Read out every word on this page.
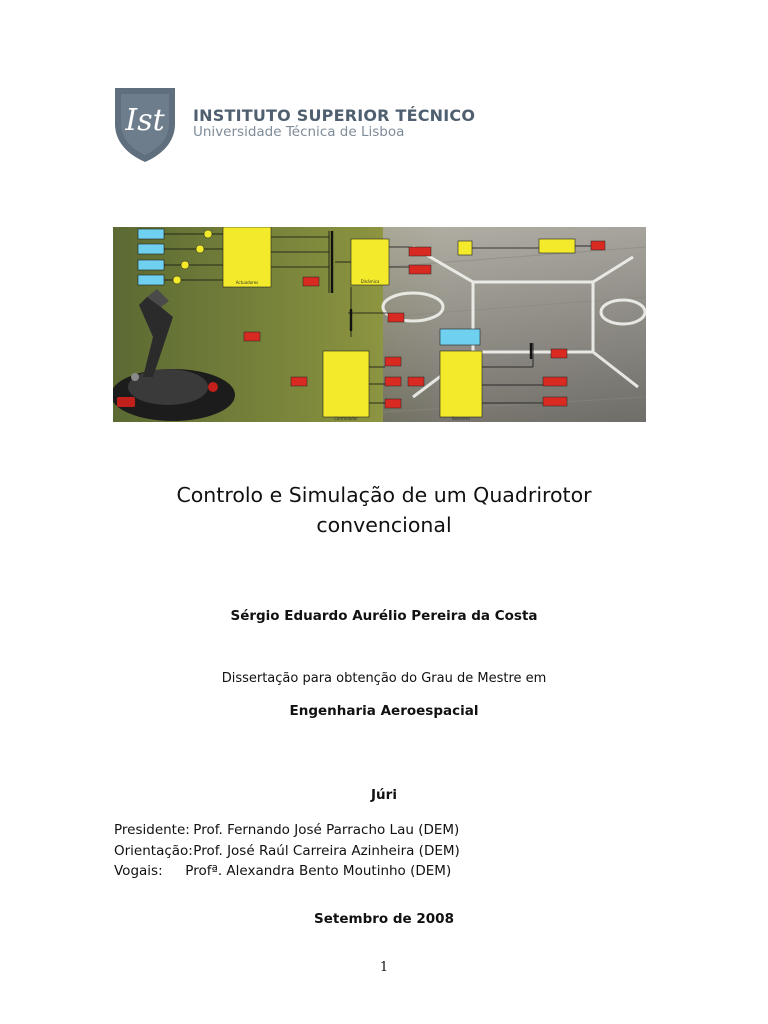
Ist INSTITUTO SUPERIOR TÉCNICO
Universidade Técnica de Lisboa
Actuadores	Dinâmica
Controlador	Sensores
Controlo e Simulação de um Quadrirotor
convencional
Sérgio Eduardo Aurélio Pereira da Costa
Dissertação para obtenção do Grau de Mestre em
Engenharia Aeroespacial
Júri
Presidente: Prof. Fernando José Parracho Lau (DEM)
Orientação: Prof. José Raúl Carreira Azinheira (DEM)
Vogais: Profª. Alexandra Bento Moutinho (DEM)
Setembro de 2008
1
